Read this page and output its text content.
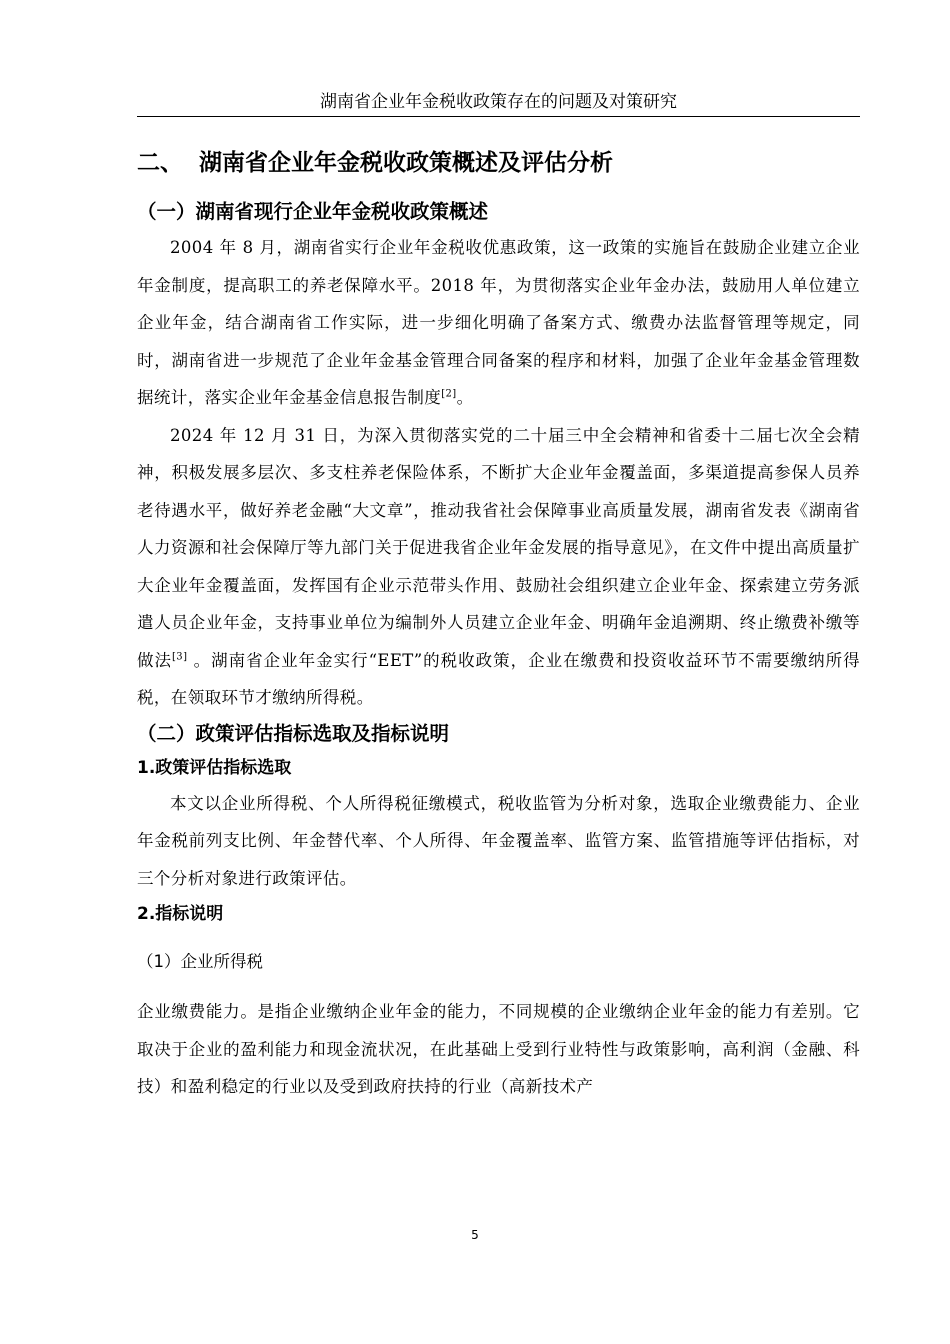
湖南省企业年金税收政策存在的问题及对策研究
二、 湖南省企业年金税收政策概述及评估分析
（一）湖南省现行企业年金税收政策概述

2004 年 8 月，湖南省实行企业年金税收优惠政策，这一政策的实施旨在鼓励企业建立企业年金制度，提高职工的养老保障水平。2018 年，为贯彻落实企业年金办法，鼓励用人单位建立企业年金，结合湖南省工作实际，进一步细化明确了备案方式、缴费办法监督管理等规定，同时，湖南省进一步规范了企业年金基金管理合同备案的程序和材料，加强了企业年金基金管理数据统计，落实企业年金基金信息报告制度[2]。

2024 年 12 月 31 日，为深入贯彻落实党的二十届三中全会精神和省委十二届七次全会精神，积极发展多层次、多支柱养老保险体系，不断扩大企业年金覆盖面，多渠道提高参保人员养老待遇水平，做好养老金融“大文章”，推动我省社会保障事业高质量发展，湖南省发表《湖南省人力资源和社会保障厅等九部门关于促进我省企业年金发展的指导意见》，在文件中提出高质量扩大企业年金覆盖面，发挥国有企业示范带头作用、鼓励社会组织建立企业年金、探索建立劳务派遣人员企业年金，支持事业单位为编制外人员建立企业年金、明确年金追溯期、终止缴费补缴等做法[3] 。湖南省企业年金实行“EET”的税收政策，企业在缴费和投资收益环节不需要缴纳所得税，在领取环节才缴纳所得税。

（二）政策评估指标选取及指标说明
1.政策评估指标选取

本文以企业所得税、个人所得税征缴模式，税收监管为分析对象，选取企业缴费能力、企业年金税前列支比例、年金替代率、个人所得、年金覆盖率、监管方案、监管措施等评估指标，对三个分析对象进行政策评估。

2.指标说明
（1）企业所得税

企业缴费能力。是指企业缴纳企业年金的能力，不同规模的企业缴纳企业年金的能力有差别。它取决于企业的盈利能力和现金流状况，在此基础上受到行业特性与政策影响，高利润（金融、科技）和盈利稳定的行业以及受到政府扶持的行业（高新技术产

5
